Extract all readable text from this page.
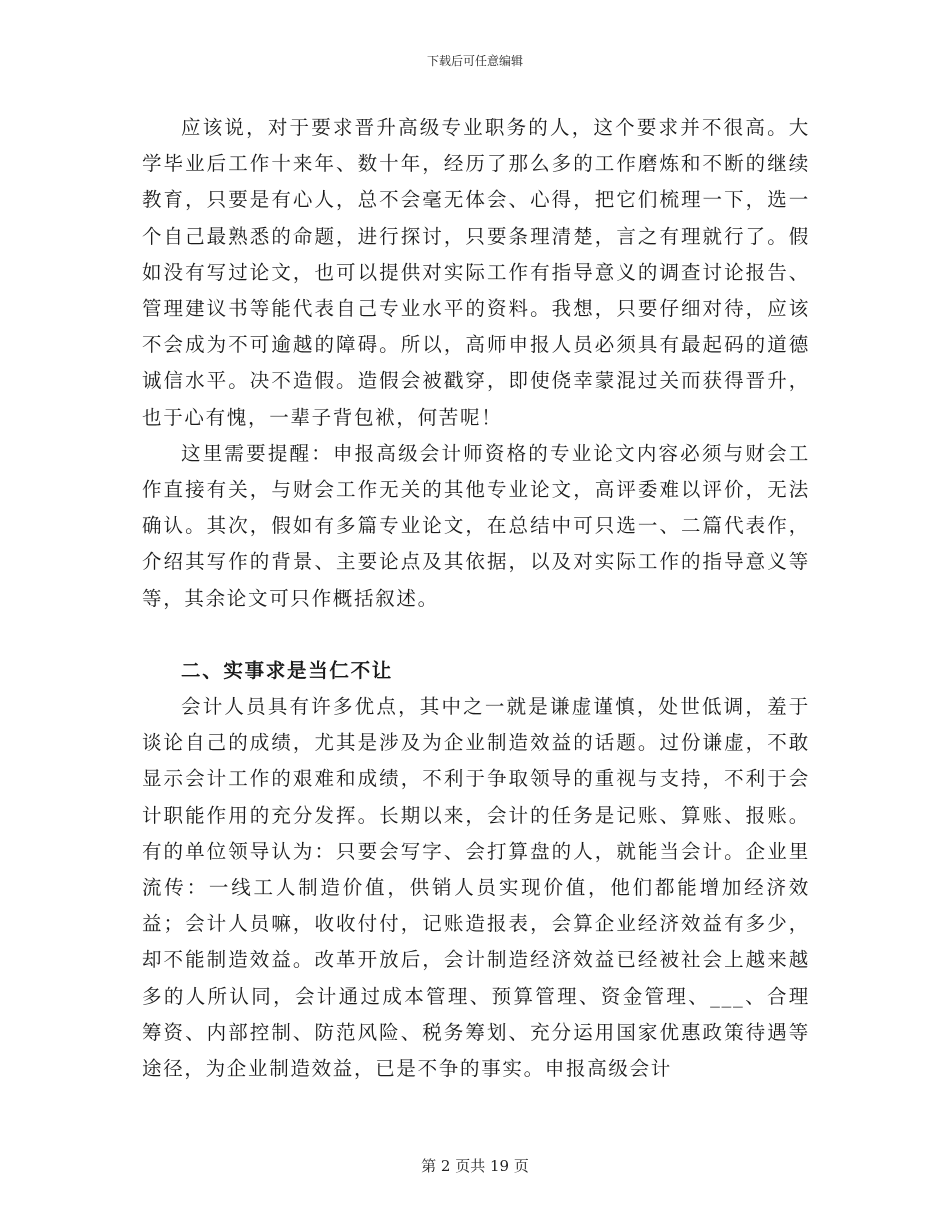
下载后可任意编辑

应该说，对于要求晋升高级专业职务的人，这个要求并不很高。大学毕业后工作十来年、数十年，经历了那么多的工作磨炼和不断的继续教育，只要是有心人，总不会毫无体会、心得，把它们梳理一下，选一个自己最熟悉的命题，进行探讨，只要条理清楚，言之有理就行了。假如没有写过论文，也可以提供对实际工作有指导意义的调查讨论报告、管理建议书等能代表自己专业水平的资料。我想，只要仔细对待，应该不会成为不可逾越的障碍。所以，高师申报人员必须具有最起码的道德诚信水平。决不造假。造假会被戳穿，即使侥幸蒙混过关而获得晋升，也于心有愧，一辈子背包袱，何苦呢！

这里需要提醒：申报高级会计师资格的专业论文内容必须与财会工作直接有关，与财会工作无关的其他专业论文，高评委难以评价，无法确认。其次，假如有多篇专业论文，在总结中可只选一、二篇代表作，介绍其写作的背景、主要论点及其依据，以及对实际工作的指导意义等等，其余论文可只作概括叙述。

二、实事求是当仁不让

会计人员具有许多优点，其中之一就是谦虚谨慎，处世低调，羞于谈论自己的成绩，尤其是涉及为企业制造效益的话题。过份谦虚，不敢显示会计工作的艰难和成绩，不利于争取领导的重视与支持，不利于会计职能作用的充分发挥。长期以来，会计的任务是记账、算账、报账。有的单位领导认为：只要会写字、会打算盘的人，就能当会计。企业里流传：一线工人制造价值，供销人员实现价值，他们都能增加经济效益；会计人员嘛，收收付付，记账造报表，会算企业经济效益有多少，却不能制造效益。改革开放后，会计制造经济效益已经被社会上越来越多的人所认同，会计通过成本管理、预算管理、资金管理、___、合理筹资、内部控制、防范风险、税务筹划、充分运用国家优惠政策待遇等途径，为企业制造效益，已是不争的事实。申报高级会计

第 2 页共 19 页
